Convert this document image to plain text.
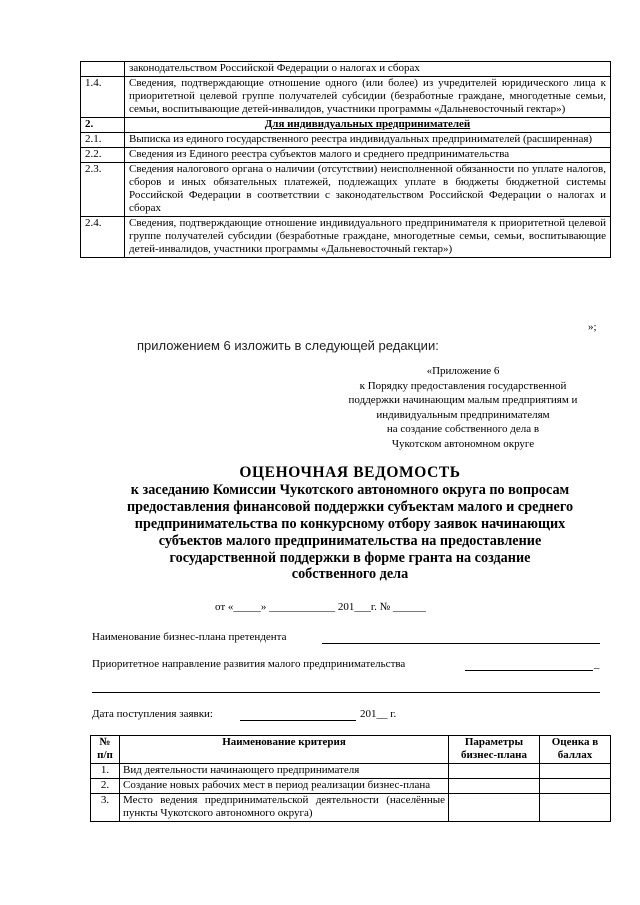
	законодательством Российской Федерации о налогах и сборах
1.4.	Сведения, подтверждающие отношение одного (или более) из учредителей юридического лица к приоритетной целевой группе получателей субсидии (безработные граждане, многодетные семьи, семьи, воспитывающие детей-инвалидов, участники программы «Дальневосточный гектар»)
2.	Для индивидуальных предпринимателей
2.1.	Выписка из единого государственного реестра индивидуальных предпринимателей (расширенная)
2.2.	Сведения из Единого реестра субъектов малого и среднего предпринимательства
2.3.	Сведения налогового органа о наличии (отсутствии) неисполненной обязанности по уплате налогов, сборов и иных обязательных платежей, подлежащих уплате в бюджеты бюджетной системы Российской Федерации в соответствии с законодательством Российской Федерации о налогах и сборах
2.4.	Сведения, подтверждающие отношение индивидуального предпринимателя к приоритетной целевой группе получателей субсидии (безработные граждане, многодетные семьи, семьи, воспитывающие детей-инвалидов, участники программы «Дальневосточный гектар»)
»;
приложением 6 изложить в следующей редакции:
«Приложение 6
к Порядку предоставления государственной
поддержки начинающим малым предприятиям и
индивидуальным предпринимателям
на создание собственного дела в
Чукотском автономном округе
ОЦЕНОЧНАЯ ВЕДОМОСТЬ
к заседанию Комиссии Чукотского автономного округа по вопросам
предоставления финансовой поддержки субъектам малого и среднего
предпринимательства по конкурсному отбору заявок начинающих
субъектов малого предпринимательства на предоставление
государственной поддержки в форме гранта на создание
собственного дела
от «_____» ____________ 201___г. № ______
Наименование бизнес-плана претендента
Приоритетное направление развития малого предпринимательства	_
Дата поступления заявки:	201__ г.
№ п/п	Наименование критерия	Параметры бизнес-плана	Оценка в баллах
1.	Вид деятельности начинающего предпринимателя		
2.	Создание новых рабочих мест в период реализации бизнес-плана		
3.	Место ведения предпринимательской деятельности (населённые пункты Чукотского автономного округа)		
